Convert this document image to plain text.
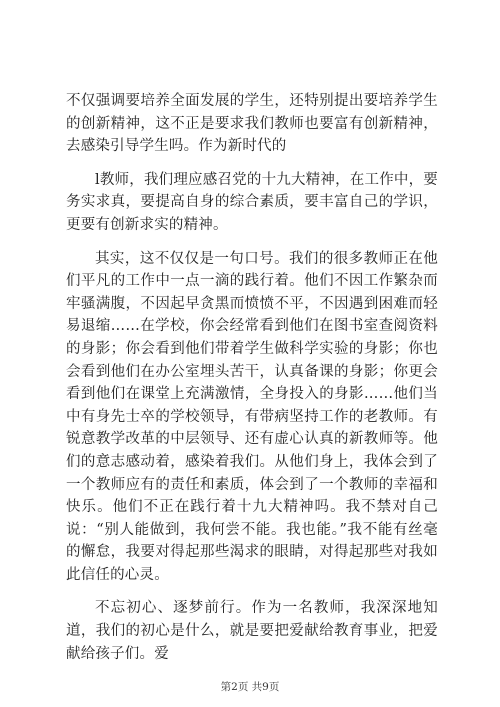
不仅强调要培养全面发展的学生，还特别提出要培养学生的创新精神，这不正是要求我们教师也要富有创新精神，去感染引导学生吗。作为新时代的

l教师，我们理应感召党的十九大精神，在工作中，要务实求真，要提高自身的综合素质，要丰富自己的学识，更要有创新求实的精神。

其实，这不仅仅是一句口号。我们的很多教师正在他们平凡的工作中一点一滴的践行着。他们不因工作繁杂而牢骚满腹，不因起早贪黑而愤愤不平，不因遇到困难而轻易退缩……在学校，你会经常看到他们在图书室查阅资料的身影；你会看到他们带着学生做科学实验的身影；你也会看到他们在办公室埋头苦干，认真备课的身影；你更会看到他们在课堂上充满激情，全身投入的身影……他们当中有身先士卒的学校领导，有带病坚持工作的老教师。有锐意教学改革的中层领导、还有虚心认真的新教师等。他们的意志感动着，感染着我们。从他们身上，我体会到了一个教师应有的责任和素质，体会到了一个教师的幸福和快乐。他们不正在践行着十九大精神吗。我不禁对自己说：“别人能做到，我何尝不能。我也能。”我不能有丝毫的懈怠，我要对得起那些渴求的眼睛，对得起那些对我如此信任的心灵。

不忘初心、逐梦前行。作为一名教师，我深深地知道，我们的初心是什么，就是要把爱献给教育事业，把爱献给孩子们。爱

第2页 共9页
